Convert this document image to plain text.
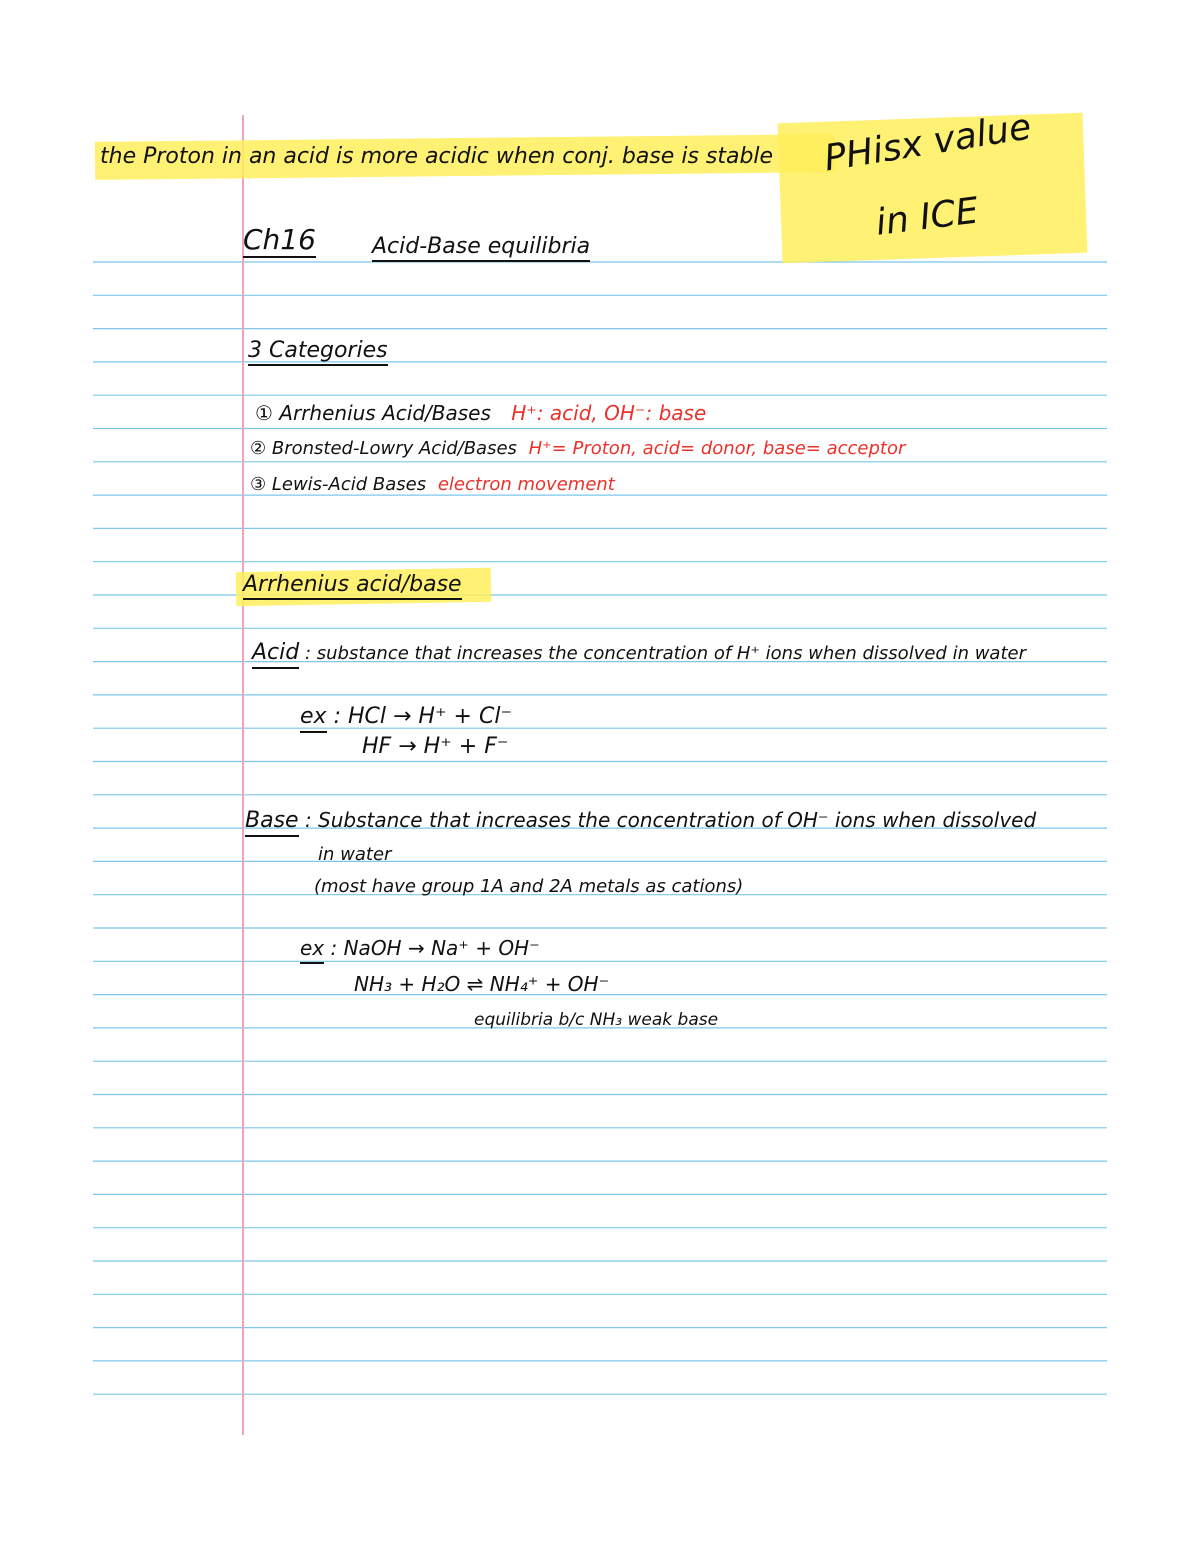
the Proton in an acid is more acidic when conj. base is stable PHisx value
in ICE
Ch16	Acid-Base equilibria
3 Categories
① Arrhenius Acid/Bases H⁺: acid, OH⁻: base
② Bronsted-Lowry Acid/Bases H⁺= Proton, acid= donor, base= acceptor
③ Lewis-Acid Bases electron movement
Arrhenius acid/base
Acid : substance that increases the concentration of H⁺ ions when dissolved in water
ex : HCl → H⁺ + Cl⁻
HF → H⁺ + F⁻
Base : Substance that increases the concentration of OH⁻ ions when dissolved
in water
(most have group 1A and 2A metals as cations)
ex : NaOH → Na⁺ + OH⁻
NH₃ + H₂O ⇌ NH₄⁺ + OH⁻
equilibria b/c NH₃ weak base
